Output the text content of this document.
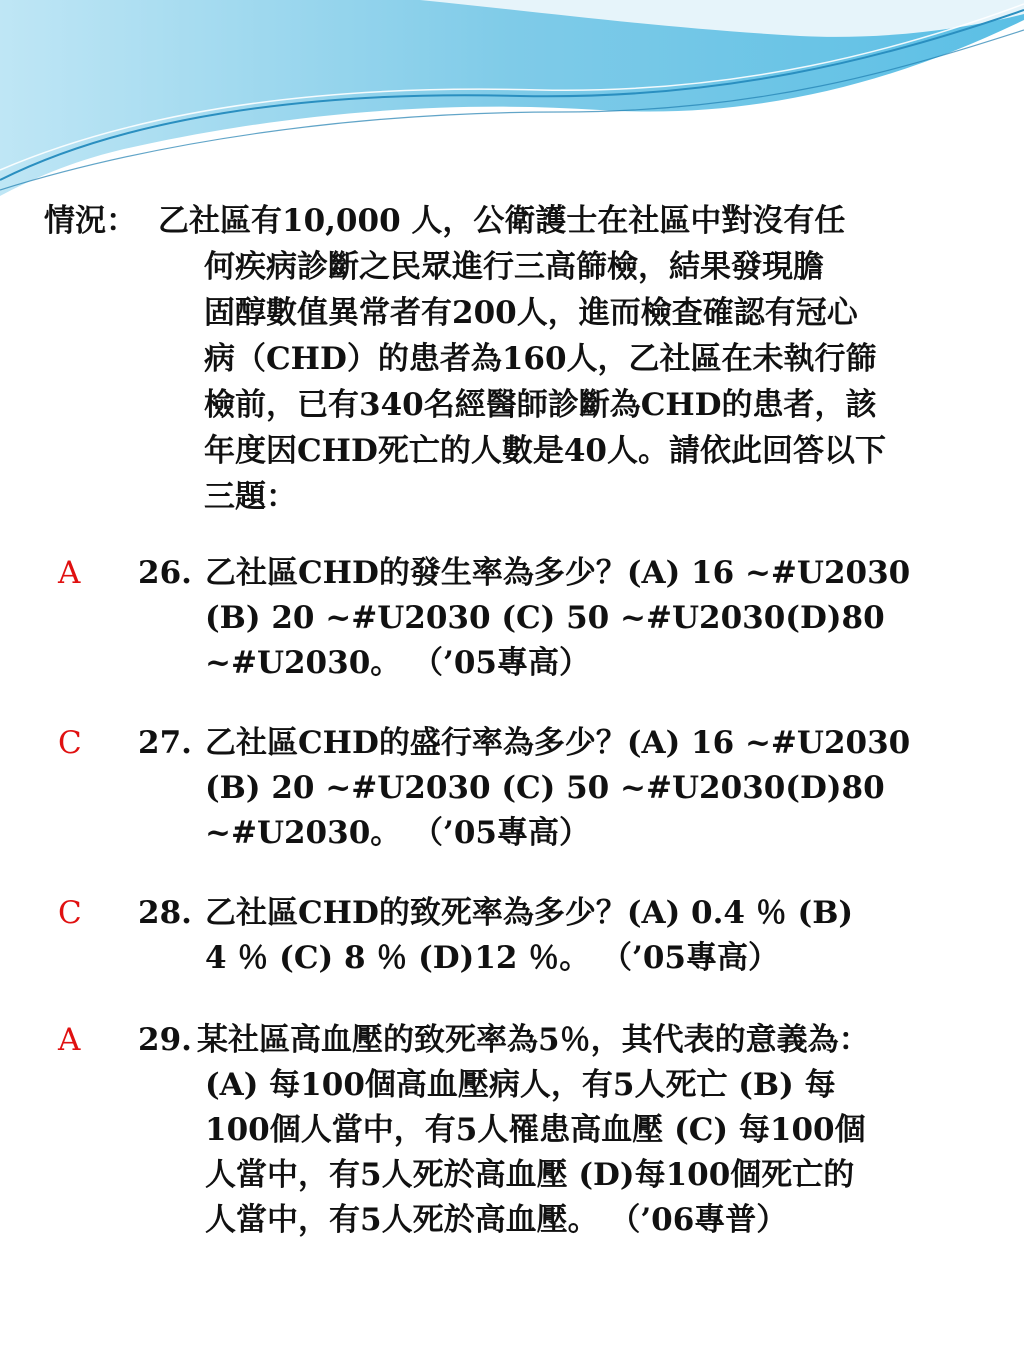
情況： 乙社區有10,000 人，公衛護士在社區中對沒有任
何疾病診斷之民眾進行三高篩檢，結果發現膽
固醇數值異常者有200人，進而檢查確認有冠心
病（CHD）的患者為160人，乙社區在未執行篩
檢前，已有340名經醫師診斷為CHD的患者，該
年度因CHD死亡的人數是40人。請依此回答以下
三題：
A 26. 乙社區CHD的發生率為多少？(A) 16 ~#U2030
(B) 20 ~#U2030 (C) 50 ~#U2030(D)80
~#U2030。 （’05專高）
C 27. 乙社區CHD的盛行率為多少？(A) 16 ~#U2030
(B) 20 ~#U2030 (C) 50 ~#U2030(D)80
~#U2030。 （’05專高）
C 28. 乙社區CHD的致死率為多少？(A) 0.4 ％ (B)
4 ％ (C) 8 ％ (D)12 ％。 （’05專高）
A 29. 某社區高血壓的致死率為5％，其代表的意義為：
(A) 每100個高血壓病人，有5人死亡 (B) 每
100個人當中，有5人罹患高血壓 (C) 每100個
人當中，有5人死於高血壓 (D)每100個死亡的
人當中，有5人死於高血壓。 （’06專普）
